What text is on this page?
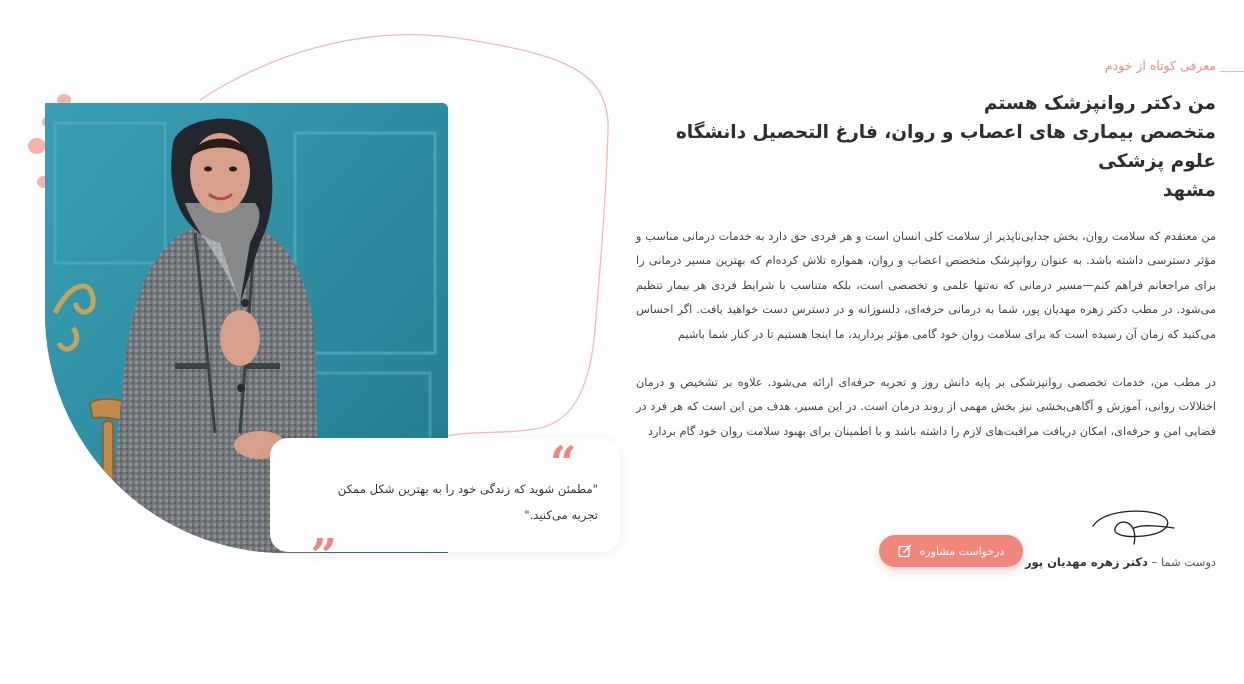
“
"مطمئن شوید که زندگی خود را به بهترین شکل ممکن تجربه می‌کنید."
“
معرفی کوتاه از خودم
من دکتر روانپزشک هستم
متخصص بیماری های اعصاب و روان، فارغ التحصیل دانشگاه علوم پزشکی
مشهد

من معتقدم که سلامت روان، بخش جدایی‌ناپذیر از سلامت کلی انسان است و هر فردی حق دارد به خدمات درمانی مناسب و مؤثر دسترسی داشته باشد. به عنوان روانپزشک متخصص اعصاب و روان، همواره تلاش کرده‌ام که بهترین مسیر درمانی را برای مراجعانم فراهم کنم—مسیر درمانی که نه‌تنها علمی و تخصصی است، بلکه متناسب با شرایط فردی هر بیمار تنظیم می‌شود. در مطب دکتر زهره مهدیان پور، شما به درمانی حرفه‌ای، دلسوزانه و در دسترس دست خواهید یافت. اگر احساس می‌کنید که زمان آن رسیده است که برای سلامت روان خود گامی مؤثر بردارید، ما اینجا هستیم تا در کنار شما باشیم

در مطب من، خدمات تخصصی روانپزشکی بر پایه دانش روز و تجربه حرفه‌ای ارائه می‌شود. علاوه بر تشخیص و درمان اختلالات روانی، آموزش و آگاهی‌بخشی نیز بخش مهمی از روند درمان است. در این مسیر، هدف من این است که هر فرد در فضایی امن و حرفه‌ای، امکان دریافت مراقبت‌های لازم را داشته باشد و با اطمینان برای بهبود سلامت روان خود گام بردارد

دوست شما – دکتر زهره مهدیان پور
درخواست مشاوره
